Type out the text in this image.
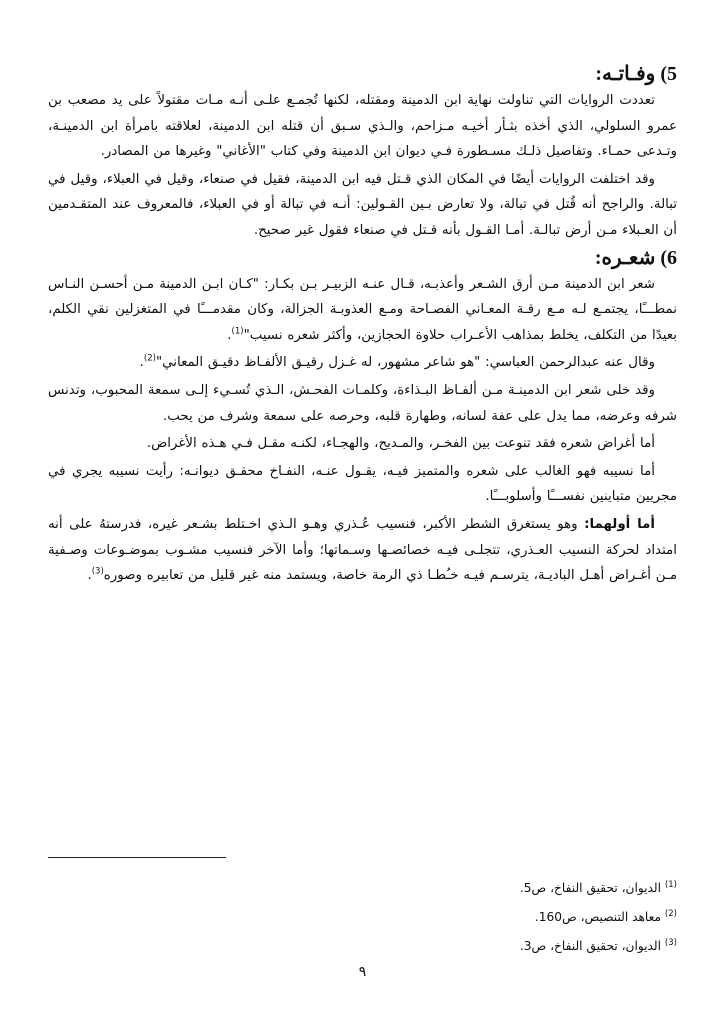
5) وفـاتـه:

تعددت الروايات التي تناولت نهاية ابن الدمينة ومقتله، لكنها تُجمـع علـى أنـه مـات مقتولاً على يد مصعب بن عمرو السلولي، الذي أخذه بثـأر أخيـه مـزاحم، والـذي سـبق أن قتله ابن الدمينة، لعلاقته بامرأة ابن الدمينـة، وتـدعى حمـاء. وتفاصيل ذلـك مسـطورة فـي ديوان ابن الدمينة وفي كتاب "الأغاني" وغيرها من المصادر.

وقد اختلفت الروايات أيضًا في المكان الذي قـتل فيه ابن الدمينة، فقيل في صنعاء، وقيل في العبلاء، وقيل في تبالة. والراجح أنه قُتل في تبالة، ولا تعارض بـين القـولين: أنـه في تبالة أو في العبلاء، فالمعروف عند المتقـدمين أن العـبلاء مـن أرض تبالـة. أمـا القـول بأنه قـتل في صنعاء فقول غير صحيح.

6) شعـره:

شعر ابن الدمينة مـن أرق الشـعر وأعذبـه، قـال عنـه الزبيـر بـن بكـار: "كـان ابـن الدمينة مـن أحسـن النـاس نمطـــًا، يجتمـع لـه مـع رقـة المعـاني الفصـاحة ومـع العذوبـة الجزالة، وكان مقدمـــًا في المتغزلين نقي الكلم، بعيدًا من التكلف، يخلط بمذاهب الأعـراب حلاوة الحجازين، وأكثر شعره نسيب"$^{(1)}$.

وقال عنه عبدالرحمن العباسي: "هو شاعر مشهور، له غـزل رقيـق الألفـاظ دقيـق المعاني"$^{(2)}$.

وقد خلى شعر ابن الدمينـة مـن ألفـاظ البـذاءة، وكلمـات الفحـش، الـذي تُسـيء إلـى سمعة المحبوب، وتدنس شرفه وعرضه، مما يدل على عفة لسانه، وطهارة قلبه، وحرصه على سمعة وشرف من يحب.

أما أغراض شعره فقد تنوعت بين الفخـر، والمـديح، والهجـاء، لكنـه مقـل فـي هـذه الأغراض.

أما نسيبه فهو الغالب على شعره والمتميز فيـه، يقـول عنـه، النفـاخ محقـق ديوانـه: رأيت نسيبه يجري في مجريين متباينين نفســـًا وأسلوبـــًا.

أما أولهما: وهو يستغرق الشطر الأكبر، فنسيب عُـذري وهـو الـذي اخـتلط بشـعر غيره، فدرستهُ على أنه امتداد لحركة النسيب العـذري، تتجلـى فيـه خصائصـها وسـماتها؛ وأما الآخر فنسيب مشـوب بموضـوعات وصـفية مـن أغـراض أهـل الباديـة، يترسـم فيـه خـُطـا ذي الرمة خاصة، ويستمد منه غير قليل من تعابيره وصوره$^{(3)}$.

$^{(1)}$ الديوان، تحقيق النفاخ، ص5.

$^{(2)}$ معاهد التنصيص، ص160.

$^{(3)}$ الديوان، تحقيق النفاخ، ص3.

٩
